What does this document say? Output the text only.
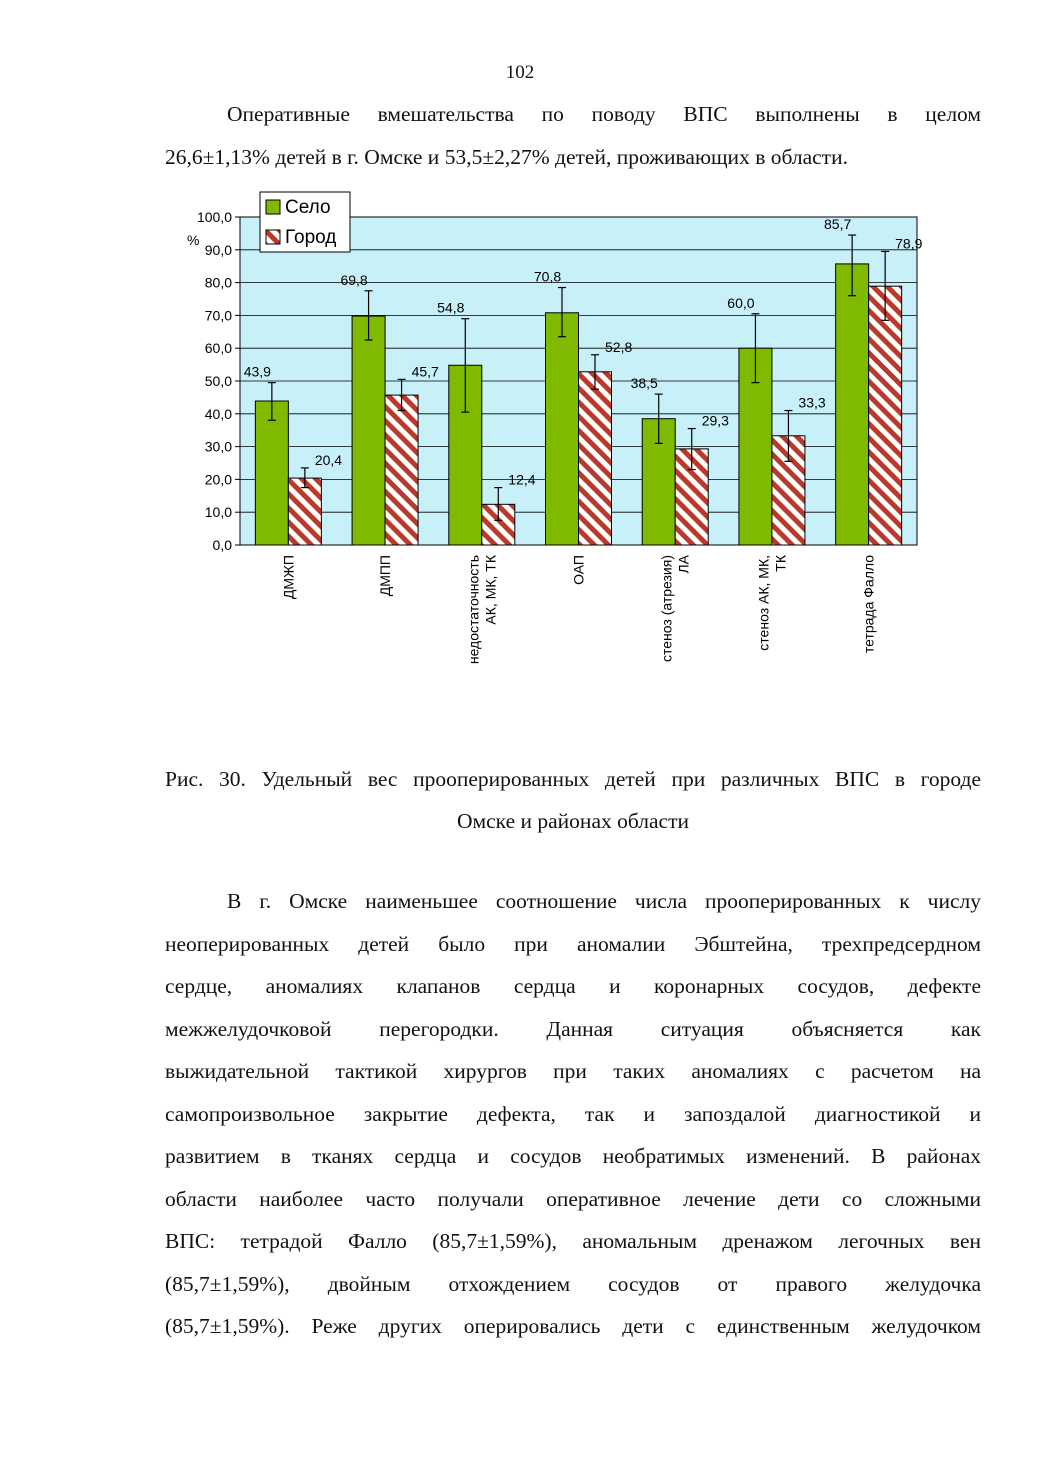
102

Оперативные вмешательства по поводу ВПС выполнены в целом
26,6±1,13% детей в г. Омске и 53,5±2,27% детей, проживающих в области.

0,0
10,0
20,0
30,0
40,0
50,0
60,0
70,0
80,0
90,0
100,0
%
43,9
20,4
69,8
45,7
54,8
12,4
70,8
52,8
38,5
29,3
60,0
33,3
85,7
78,9
ДМЖП	ДМПП	недостаточность АК, МК, ТК	ОАП	стеноз (атрезия) ЛА	стеноз АК, МК, ТК	тетрада Фалло
Село
Город
Рис. 30. Удельный вес прооперированных детей при различных ВПС в городе
Омске и районах области

В г. Омске наименьшее соотношение числа прооперированных к числу
неоперированных детей было при аномалии Эбштейна, трехпредсердном
сердце, аномалиях клапанов сердца и коронарных сосудов, дефекте
межжелудочковой перегородки. Данная ситуация объясняется как
выжидательной тактикой хирургов при таких аномалиях с расчетом на
самопроизвольное закрытие дефекта, так и запоздалой диагностикой и
развитием в тканях сердца и сосудов необратимых изменений. В районах
области наиболее часто получали оперативное лечение дети со сложными
ВПС: тетрадой Фалло (85,7±1,59%), аномальным дренажом легочных вен
(85,7±1,59%), двойным отхождением сосудов от правого желудочка
(85,7±1,59%). Реже других оперировались дети с единственным желудочком
